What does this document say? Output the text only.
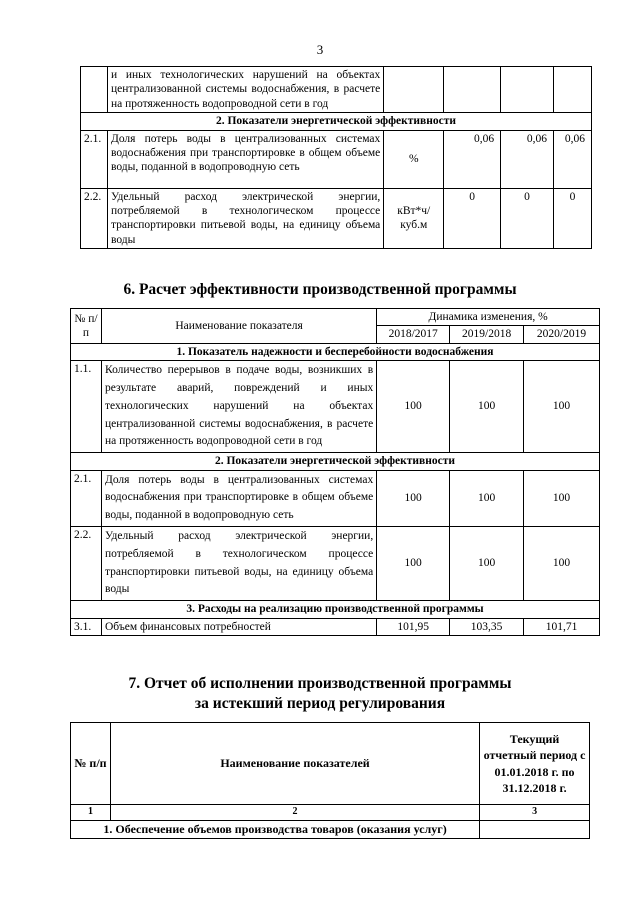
3
	и иных технологических нарушений на объектах централизованной системы водоснабжения, в расчете на протяженность водопроводной сети в год				
2. Показатели энергетической эффективности					
2.1.	Доля потерь воды в централизованных системах водоснабжения при транспортировке в общем объеме воды, поданной в водопроводную сеть	%	0,06	0,06	0,06
2.2.	Удельный расход электрической энергии, потребляемой в технологическом процессе транспортировки питьевой воды, на единицу объема воды	кВт*ч/куб.м	0	0	0
6. Расчет эффективности производственной программы
№ п/п	Наименование показателя	Динамика изменения, %		
		2018/2017	2019/2018	2020/2019
1. Показатель надежности и бесперебойности водоснабжения				
1.1.	Количество перерывов в подаче воды, возникших в результате аварий, повреждений и иных технологических нарушений на объектах централизованной системы водоснабжения, в расчете на протяженность водопроводной сети в год	100	100	100
2. Показатели энергетической эффективности				
2.1.	Доля потерь воды в централизованных системах водоснабжения при транспортировке в общем объеме воды, поданной в водопроводную сеть	100	100	100
2.2.	Удельный расход электрической энергии, потребляемой в технологическом процессе транспортировки питьевой воды, на единицу объема воды	100	100	100
3. Расходы на реализацию производственной программы				
3.1.	Объем финансовых потребностей	101,95	103,35	101,71
7. Отчет об исполнении производственной программы
за истекший период регулирования
№ п/п	Наименование показателей	Текущий отчетный период с 01.01.2018 г. по 31.12.2018 г.
1	2	3
1. Обеспечение объемов производства товаров (оказания услуг)		
